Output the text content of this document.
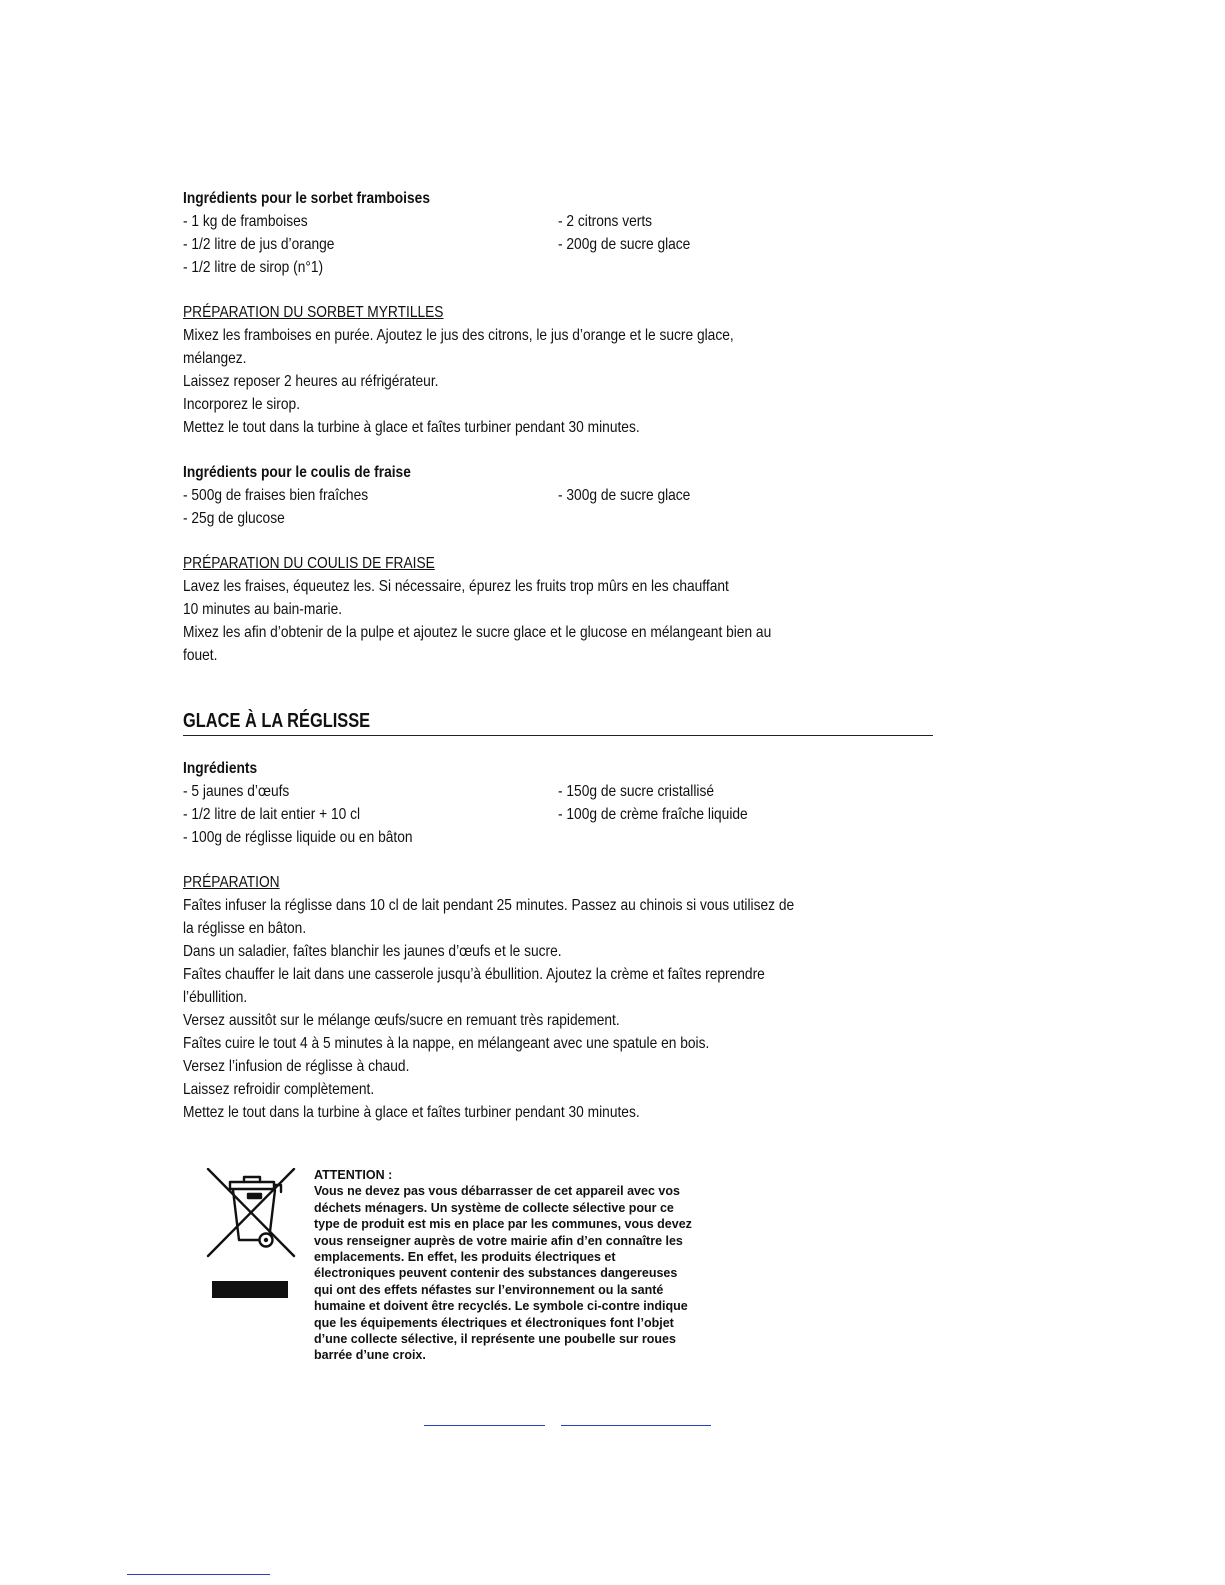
Ingrédients pour le sorbet framboises
- 1 kg de framboises
- 1/2 litre de jus d’orange
- 1/2 litre de sirop (n°1)
- 2 citrons verts
- 200g de sucre glace
PRÉPARATION DU SORBET MYRTILLES
Mixez les framboises en purée. Ajoutez le jus des citrons, le jus d’orange et le sucre glace,
mélangez.
Laissez reposer 2 heures au réfrigérateur.
Incorporez le sirop.
Mettez le tout dans la turbine à glace et faîtes turbiner pendant 30 minutes.
Ingrédients pour le coulis de fraise
- 500g de fraises bien fraîches
- 25g de glucose
- 300g de sucre glace
PRÉPARATION DU COULIS DE FRAISE
Lavez les fraises, équeutez les. Si nécessaire, épurez les fruits trop mûrs en les chauffant
10 minutes au bain-marie.
Mixez les afin d’obtenir de la pulpe et ajoutez le sucre glace et le glucose en mélangeant bien au
fouet.
GLACE À LA RÉGLISSE
Ingrédients
- 5 jaunes d’œufs
- 1/2 litre de lait entier + 10 cl
- 100g de réglisse liquide ou en bâton
- 150g de sucre cristallisé
- 100g de crème fraîche liquide
PRÉPARATION
Faîtes infuser la réglisse dans 10 cl de lait pendant 25 minutes. Passez au chinois si vous utilisez de
la réglisse en bâton.
Dans un saladier, faîtes blanchir les jaunes d’œufs et le sucre.
Faîtes chauffer le lait dans une casserole jusqu’à ébullition. Ajoutez la crème et faîtes reprendre
l’ébullition.
Versez aussitôt sur le mélange œufs/sucre en remuant très rapidement.
Faîtes cuire le tout 4 à 5 minutes à la nappe, en mélangeant avec une spatule en bois.
Versez l’infusion de réglisse à chaud.
Laissez refroidir complètement.
Mettez le tout dans la turbine à glace et faîtes turbiner pendant 30 minutes.

ATTENTION :

Vous ne devez pas vous débarrasser de cet appareil avec vos

déchets ménagers. Un système de collecte sélective pour ce

type de produit est mis en place par les communes, vous devez

vous renseigner auprès de votre mairie afin d’en connaître les

emplacements. En effet, les produits électriques et

électroniques peuvent contenir des substances dangereuses

qui ont des effets néfastes sur l’environnement ou la santé

humaine et doivent être recyclés. Le symbole ci-contre indique

que les équipements électriques et électroniques font l’objet

d’une collecte sélective, il représente une poubelle sur roues

barrée d’une croix.
